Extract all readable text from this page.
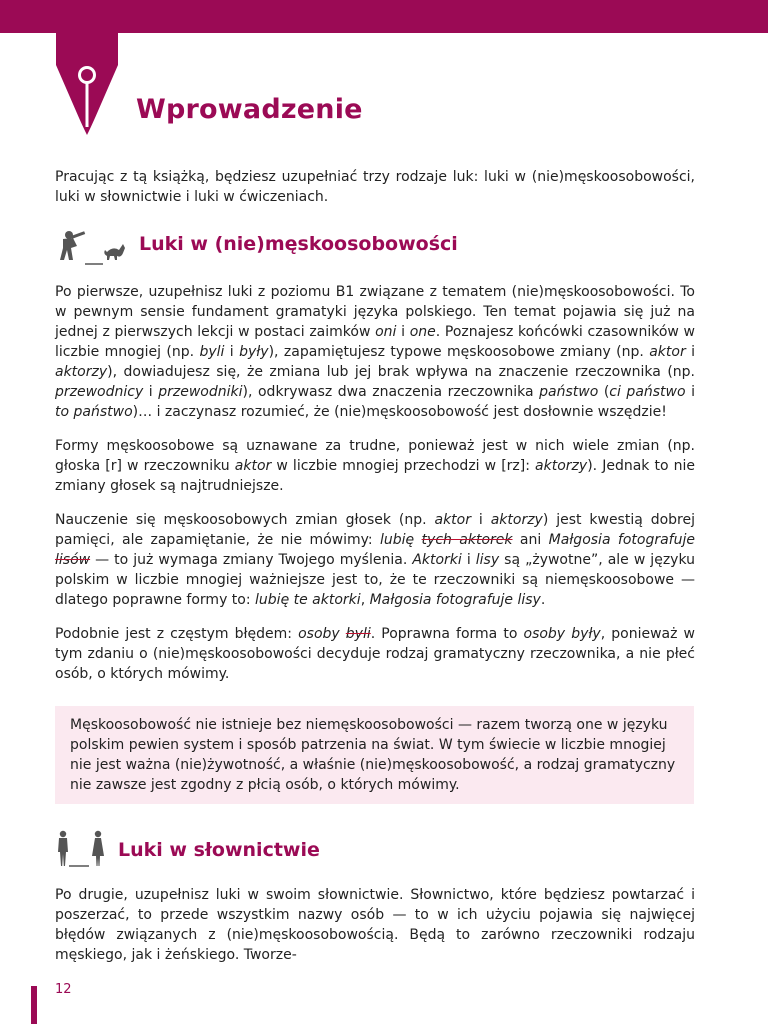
Wprowadzenie

Pracując z tą książką, będziesz uzupełniać trzy rodzaje luk: luki w (nie)męskoosobowości, luki w słownictwie i luki w ćwiczeniach.

Luki w (nie)męskoosobowości

Po pierwsze, uzupełnisz luki z poziomu B1 związane z tematem (nie)męskoosobowości. To w pewnym sensie fundament gramatyki języka polskiego. Ten temat pojawia się już na jednej z pierwszych lekcji w postaci zaimków oni i one. Poznajesz końcówki czasowników w liczbie mnogiej (np. byli i były), zapamiętujesz typowe męskoosobowe zmiany (np. aktor i aktorzy), dowiadujesz się, że zmiana lub jej brak wpływa na znaczenie rzeczownika (np. przewodnicy i przewodniki), odkrywasz dwa znaczenia rzeczownika państwo (ci państwo i to państwo)… i zaczynasz rozumieć, że (nie)męskoosobowość jest dosłownie wszędzie!

Formy męskoosobowe są uznawane za trudne, ponieważ jest w nich wiele zmian (np. głoska [r] w rzeczowniku aktor w liczbie mnogiej przechodzi w [rz]: aktorzy). Jednak to nie zmiany głosek są najtrudniejsze.

Nauczenie się męskoosobowych zmian głosek (np. aktor i aktorzy) jest kwestią dobrej pamięci, ale zapamiętanie, że nie mówimy: lubię tych aktorek ani Małgosia fotografuje lisów — to już wymaga zmiany Twojego myślenia. Aktorki i lisy są „żywotne”, ale w języku polskim w liczbie mnogiej ważniejsze jest to, że te rzeczowniki są niemęskoosobowe — dlatego poprawne formy to: lubię te aktorki, Małgosia fotografuje lisy.

Podobnie jest z częstym błędem: osoby byli. Poprawna forma to osoby były, ponieważ w tym zdaniu o (nie)męskoosobowości decyduje rodzaj gramatyczny rzeczownika, a nie płeć osób, o których mówimy.

Męskoosobowość nie istnieje bez niemęskoosobowości — razem tworzą one w języku polskim pewien system i sposób patrzenia na świat. W tym świecie w liczbie mnogiej nie jest ważna (nie)żywotność, a właśnie (nie)męskoosobowość, a rodzaj gramatyczny nie zawsze jest zgodny z płcią osób, o których mówimy.

Luki w słownictwie

Po drugie, uzupełnisz luki w swoim słownictwie. Słownictwo, które będziesz powtarzać i poszerzać, to przede wszystkim nazwy osób — to w ich użyciu pojawia się najwięcej błędów związanych z (nie)męskoosobowością. Będą to zarówno rzeczowniki rodzaju męskiego, jak i żeńskiego. Tworze-

12
